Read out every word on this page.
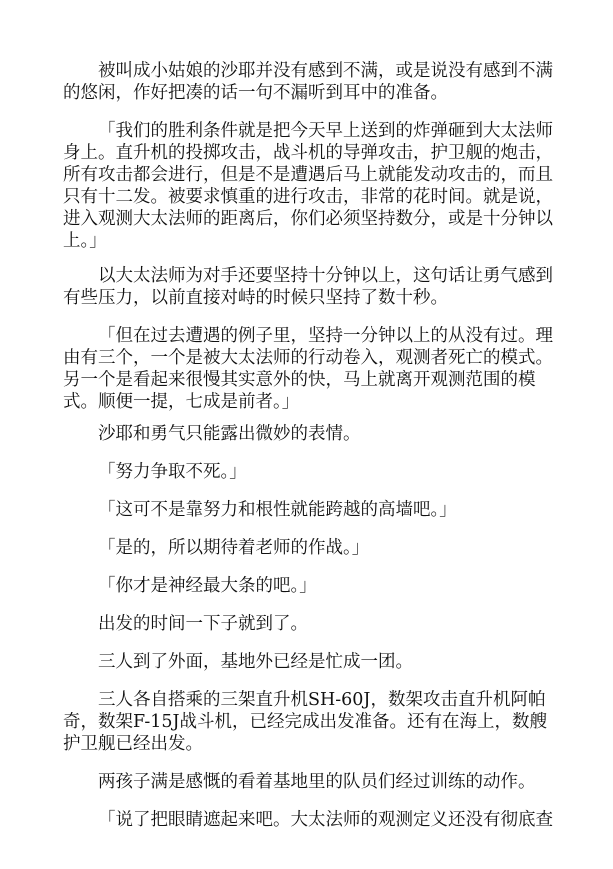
被叫成小姑娘的沙耶并没有感到不满，或是说没有感到不满的悠闲，作好把凑的话一句不漏听到耳中的准备。

「我们的胜利条件就是把今天早上送到的炸弹砸到大太法师身上。直升机的投掷攻击，战斗机的导弹攻击，护卫舰的炮击，所有攻击都会进行，但是不是遭遇后马上就能发动攻击的，而且只有十二发。被要求慎重的进行攻击，非常的花时间。就是说，进入观测大太法师的距离后，你们必须坚持数分，或是十分钟以上。」

以大太法师为对手还要坚持十分钟以上，这句话让勇气感到有些压力，以前直接对峙的时候只坚持了数十秒。

「但在过去遭遇的例子里，坚持一分钟以上的从没有过。理由有三个，一个是被大太法师的行动卷入，观测者死亡的模式。另一个是看起来很慢其实意外的快，马上就离开观测范围的模式。顺便一提，七成是前者。」

沙耶和勇气只能露出微妙的表情。

「努力争取不死。」

「这可不是靠努力和根性就能跨越的高墙吧。」

「是的，所以期待着老师的作战。」

「你才是神经最大条的吧。」

出发的时间一下子就到了。

三人到了外面，基地外已经是忙成一团。

三人各自搭乘的三架直升机SH-60J，数架攻击直升机阿帕奇，数架F-15J战斗机，已经完成出发准备。还有在海上，数艘护卫舰已经出发。

两孩子满是感慨的看着基地里的队员们经过训练的动作。

「说了把眼睛遮起来吧。大太法师的观测定义还没有彻底查
